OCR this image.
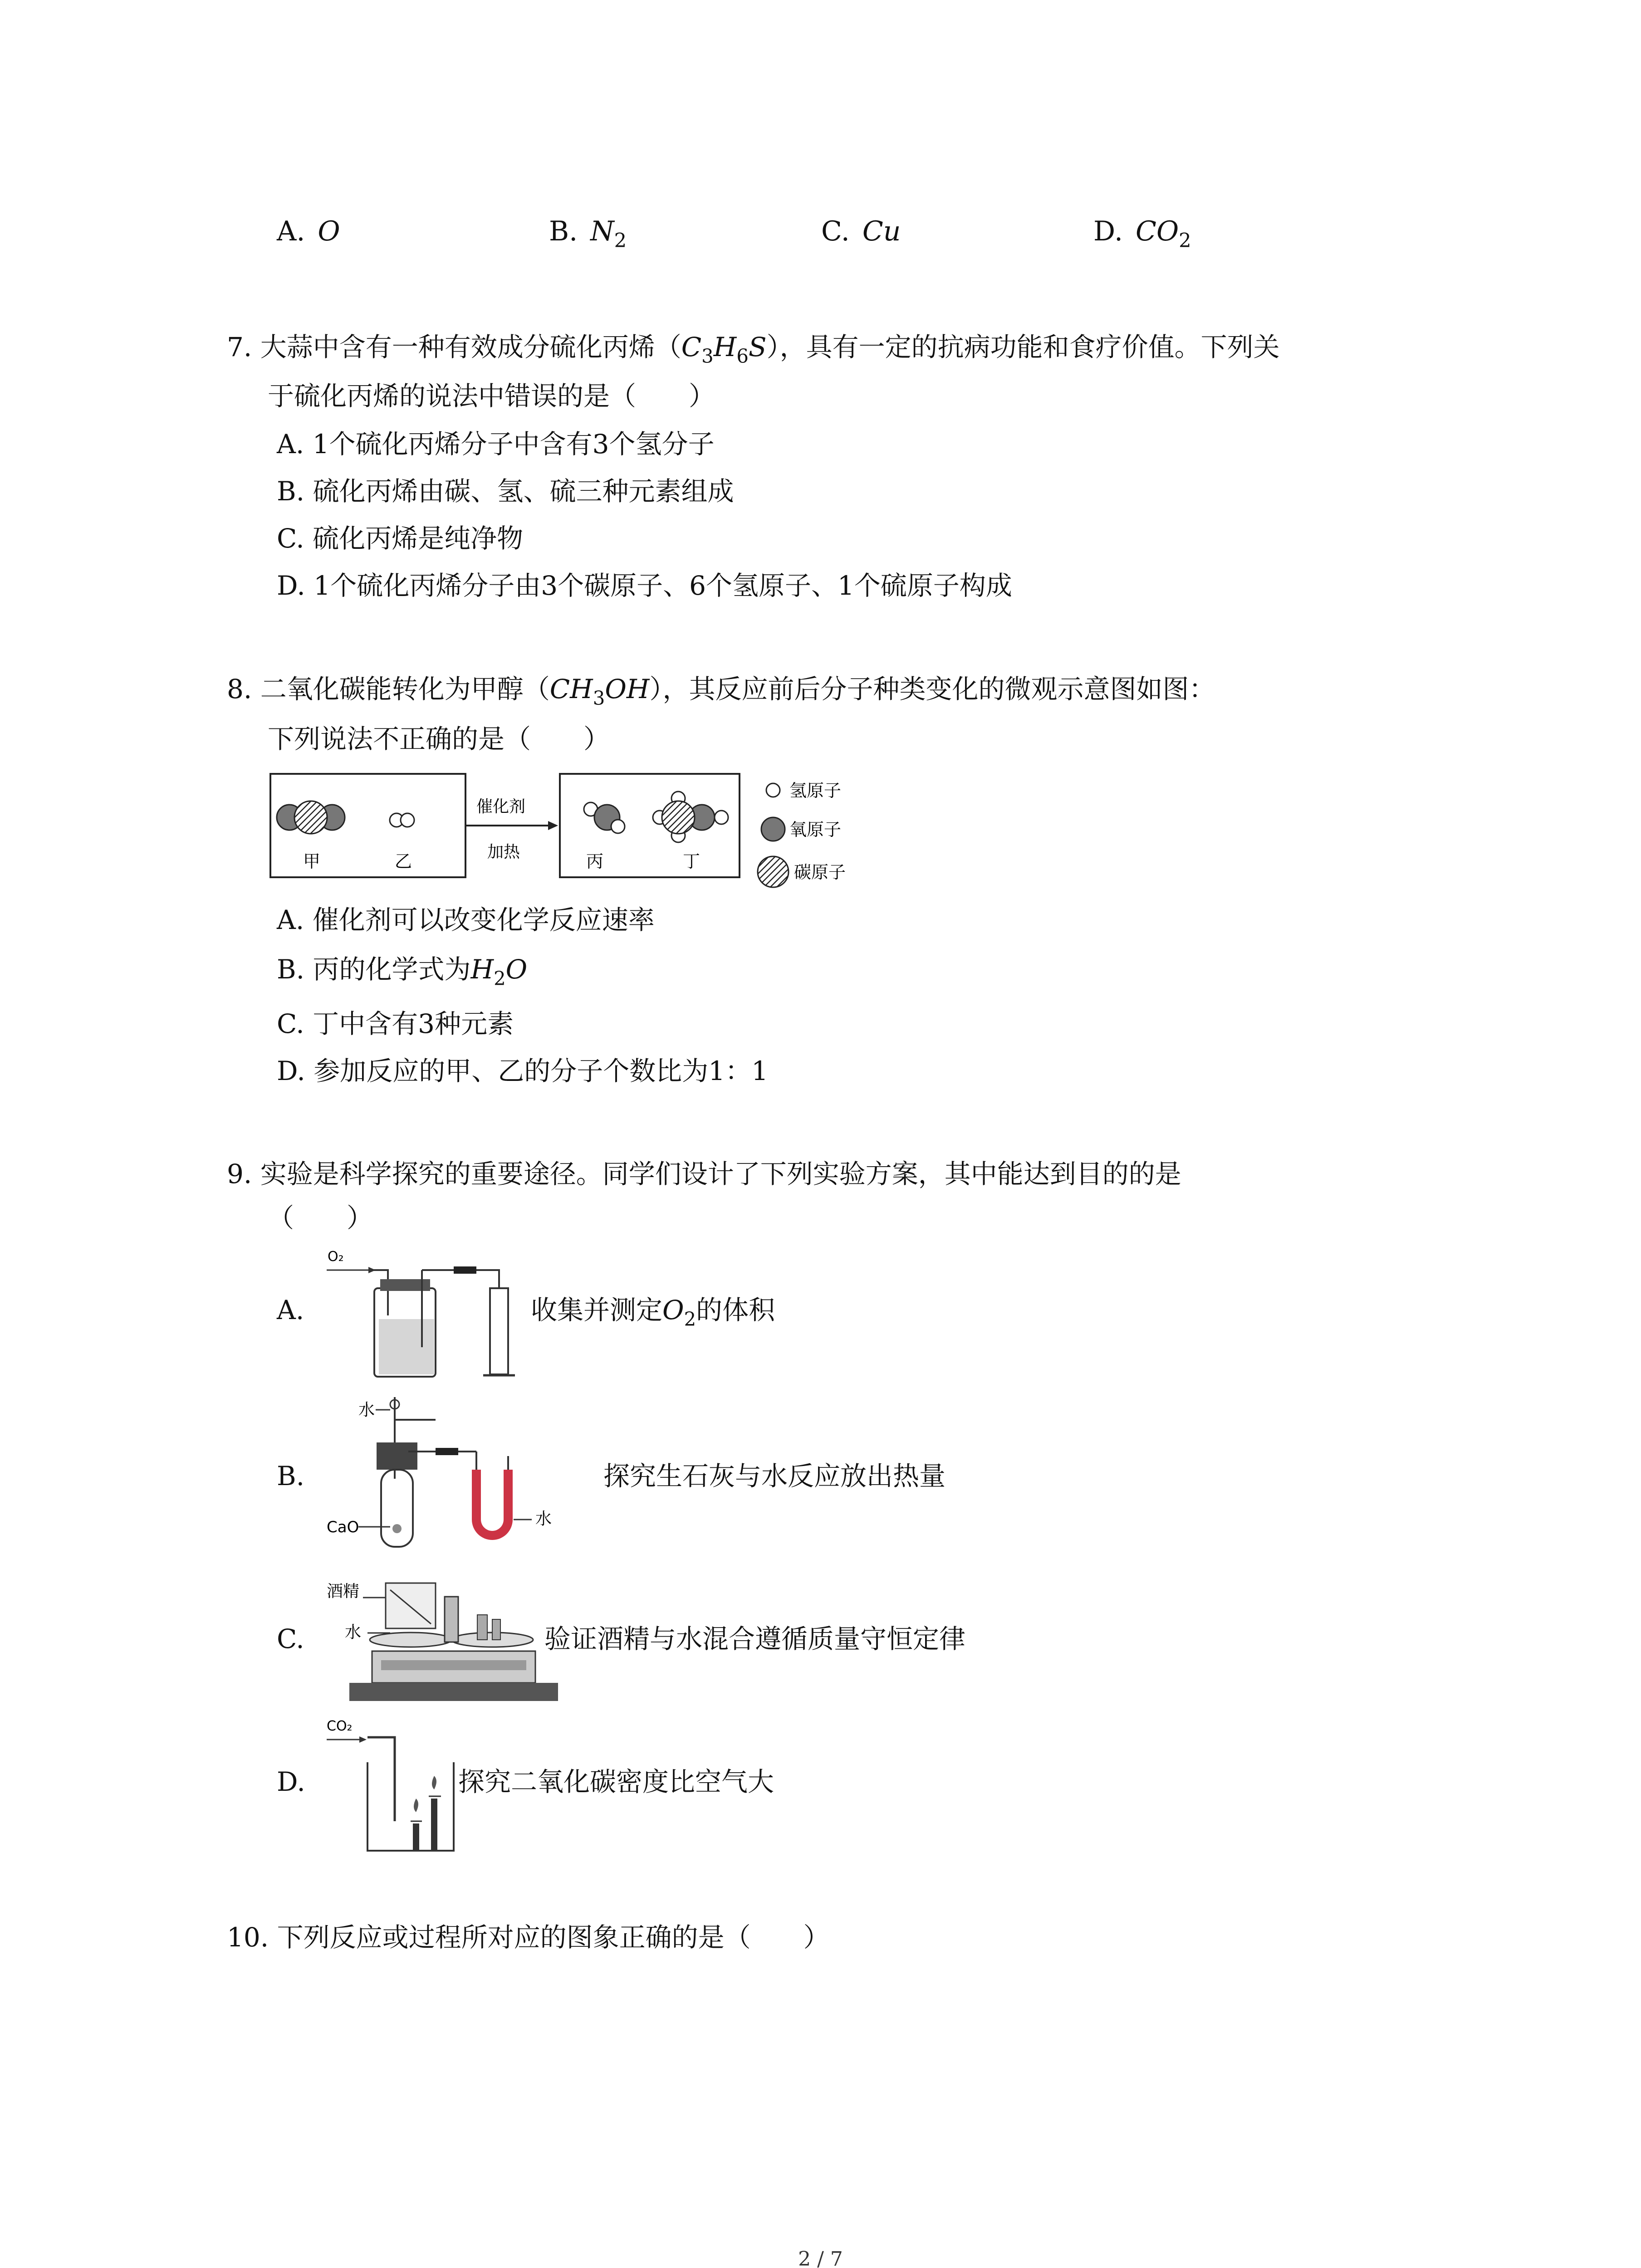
A. O	B. $N_2$	C. Cu	D. $CO_2$
7. 大蒜中含有一种有效成分硫化丙烯$(C_3H_6S)$，具有一定的抗病功能和食疗价值。下列关
于硫化丙烯的说法中错误的是（　　）
A. 1个硫化丙烯分子中含有3个氢分子
B. 硫化丙烯由碳、氢、硫三种元素组成
C. 硫化丙烯是纯净物
D. 1个硫化丙烯分子由3个碳原子、6个氢原子、1个硫原子构成
8. 二氧化碳能转化为甲醇$(CH_3OH)$，其反应前后分子种类变化的微观示意图如图：
下列说法不正确的是（　　）
甲	乙
催化剂
加热	丙	丁
氢原子
氧原子
碳原子
A. 催化剂可以改变化学反应速率
B. 丙的化学式为$H_2O$
C. 丁中含有3种元素
D. 参加反应的甲、乙的分子个数比为1：1
9. 实验是科学探究的重要途径。同学们设计了下列实验方案，其中能达到目的的是
（　　）
A.
O₂
收集并测定$O_2$的体积
B.
水
CaO	水
探究生石灰与水反应放出热量
C.
酒精
水	验证酒精与水混合遵循质量守恒定律
D.
CO₂
探究二氧化碳密度比空气大
10. 下列反应或过程所对应的图象正确的是（　　）
2 / 7
